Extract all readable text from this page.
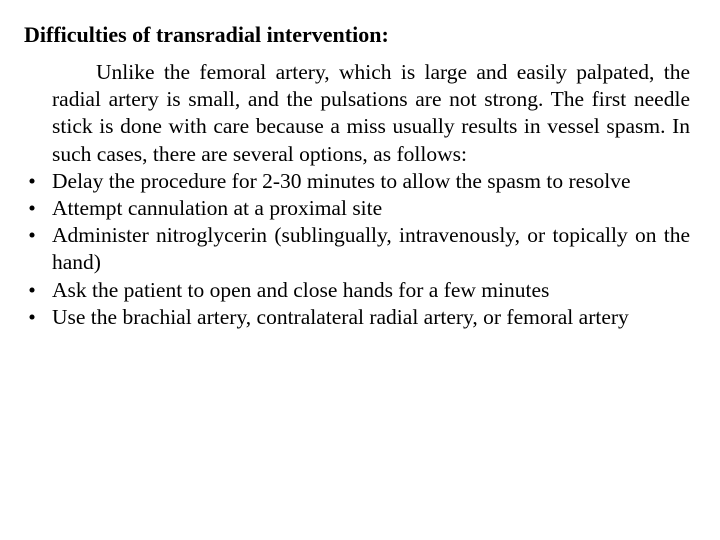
Difficulties of transradial intervention:

Unlike the femoral artery, which is large and easily palpated, the radial artery is small, and the pulsations are not strong. The first needle stick is done with care because a miss usually results in vessel spasm. In such cases, there are several options, as follows:

• Delay the procedure for 2-30 minutes to allow the spasm to resolve
• Attempt cannulation at a proximal site
• Administer nitroglycerin (sublingually, intravenously, or topically on the hand)
• Ask the patient to open and close hands for a few minutes
• Use the brachial artery, contralateral radial artery, or femoral artery
